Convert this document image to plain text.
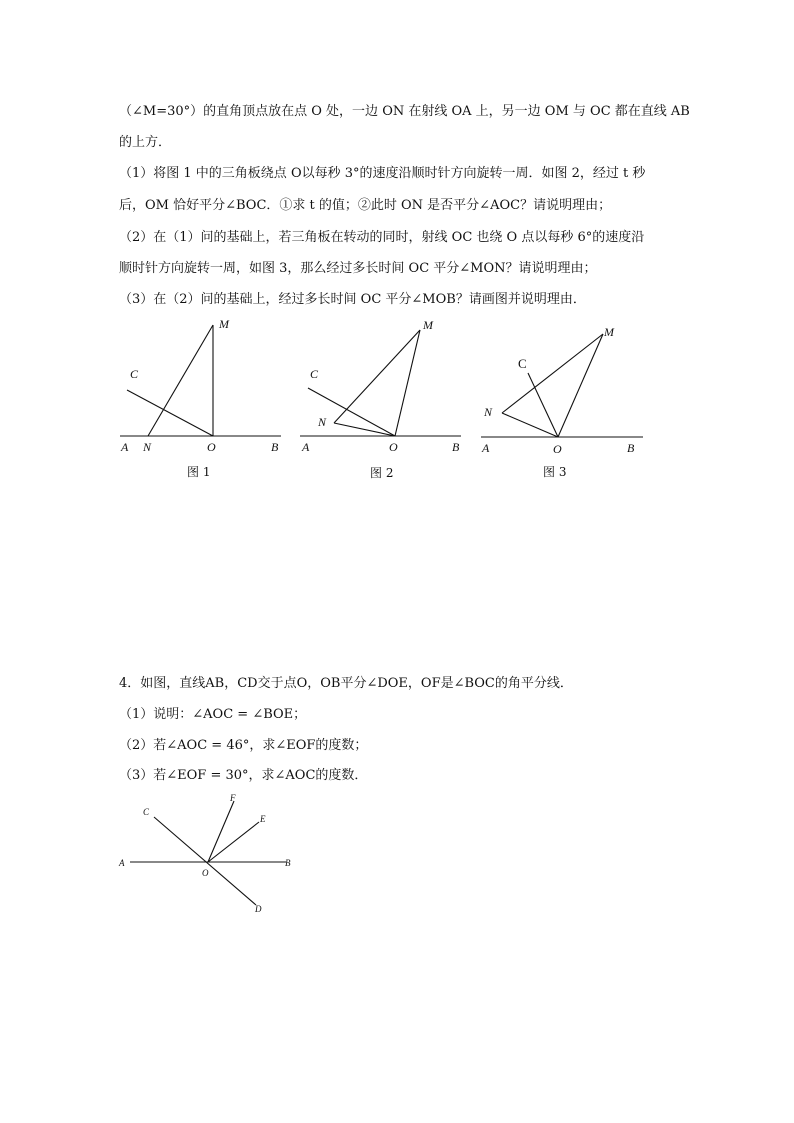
（∠M=30°）的直角顶点放在点 O 处，一边 ON 在射线 OA 上，另一边 OM 与 OC 都在直线 AB
的上方．
（1）将图 1 中的三角板绕点 O以每秒 3°的速度沿顺时针方向旋转一周．如图 2，经过 t 秒
后，OM 恰好平分∠BOC．①求 t 的值；②此时 ON 是否平分∠AOC？请说明理由；
（2）在（1）问的基础上，若三角板在转动的同时，射线 OC 也绕 O 点以每秒 6°的速度沿
顺时针方向旋转一周，如图 3，那么经过多长时间 OC 平分∠MON？请说明理由；
（3）在（2）问的基础上，经过多长时间 OC 平分∠MOB？请画图并说明理由．
A N	O	B
C
M
图 1
A
N
O	B
C
M
图 2
A
N
O	B
C
M
图 3
4．如图，直线AB，CD交于点O，OB平分∠DOE，OF是∠BOC的角平分线．
（1）说明：∠AOC = ∠BOE；
（2）若∠AOC = 46°，求∠EOF的度数；
（3）若∠EOF = 30°，求∠AOC的度数．
A	B
C
D
E
F
O
